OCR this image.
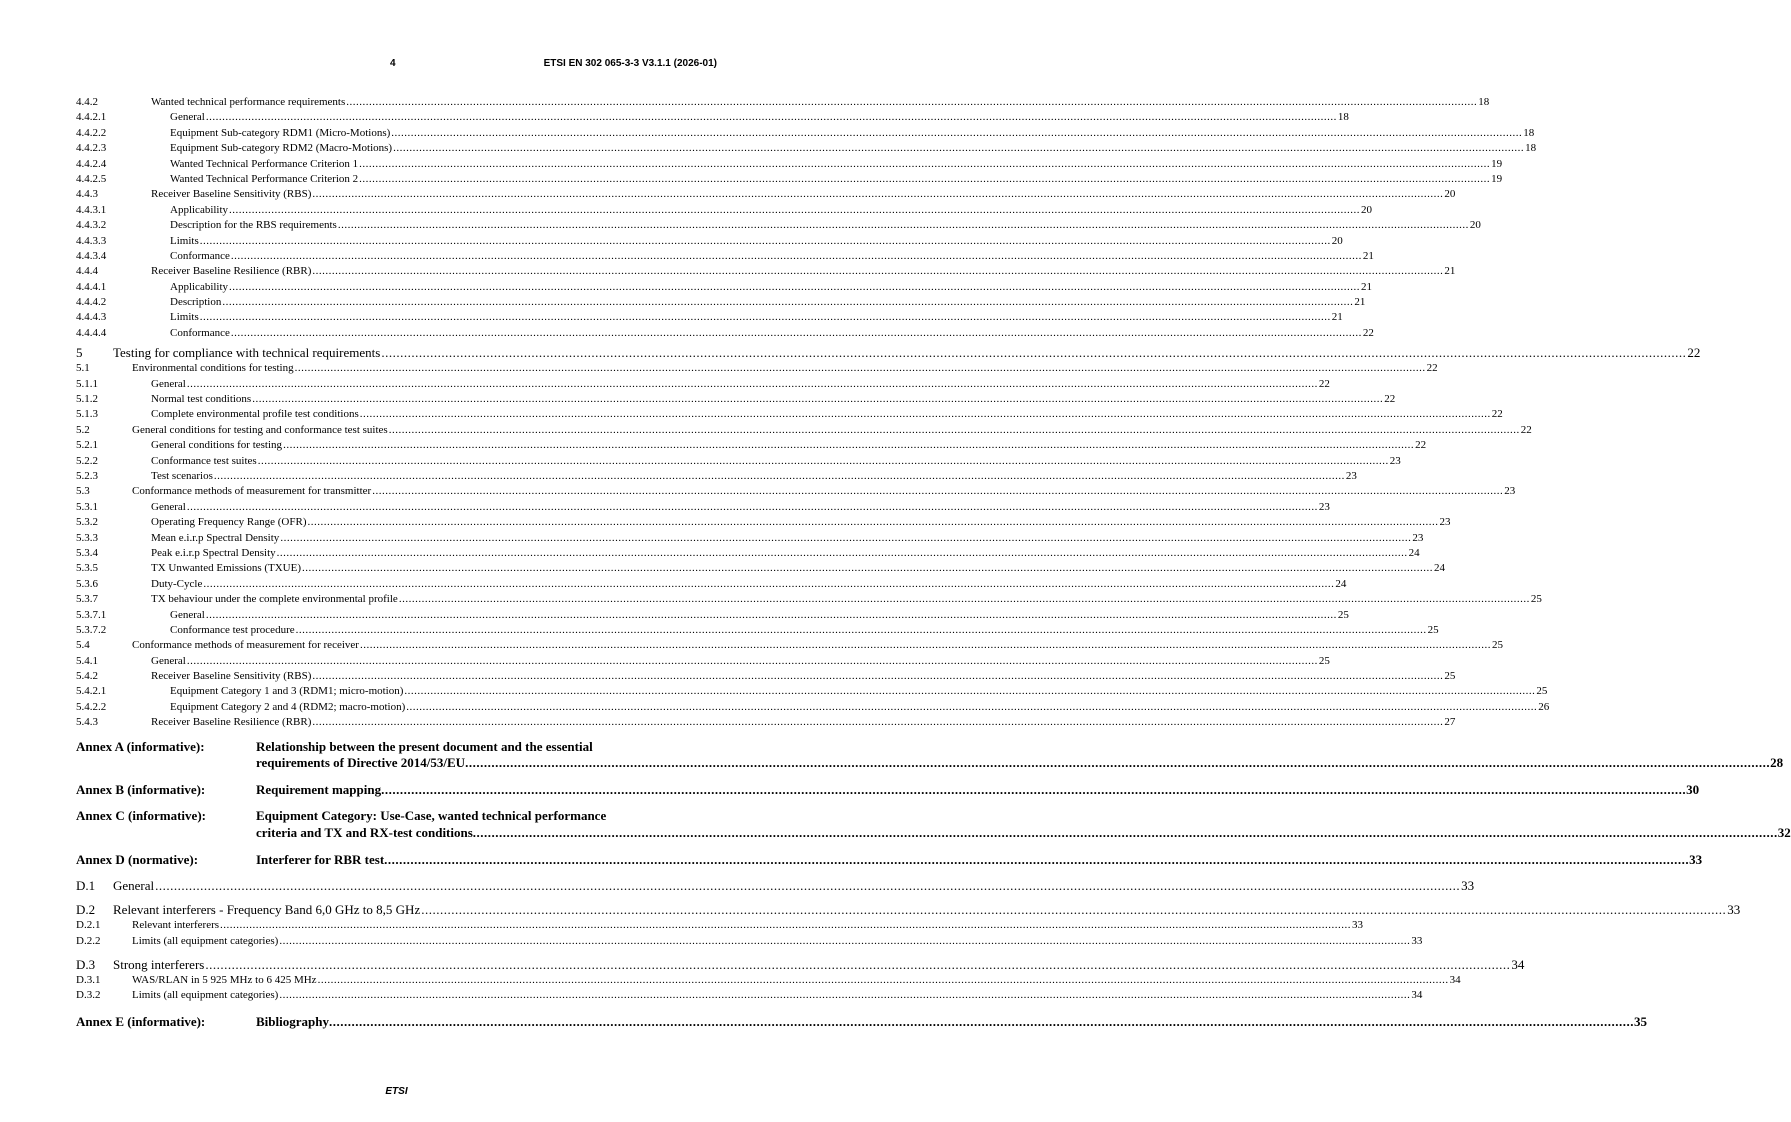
4	ETSI EN 302 065-3-3 V3.1.1 (2026-01)
4.4.2	Wanted technical performance requirements .....	18
4.4.2.1	General .....	18
4.4.2.2	Equipment Sub-category RDM1 (Micro-Motions) .....	18
4.4.2.3	Equipment Sub-category RDM2 (Macro-Motions) .....	18
4.4.2.4	Wanted Technical Performance Criterion 1 .....	19
4.4.2.5	Wanted Technical Performance Criterion 2 .....	19
4.4.3	Receiver Baseline Sensitivity (RBS) .....	20
4.4.3.1	Applicability .....	20
4.4.3.2	Description for the RBS requirements .....	20
4.4.3.3	Limits .....	20
4.4.3.4	Conformance .....	21
4.4.4	Receiver Baseline Resilience (RBR) .....	21
4.4.4.1	Applicability .....	21
4.4.4.2	Description .....	21
4.4.4.3	Limits .....	21
4.4.4.4	Conformance .....	22
5	Testing for compliance with technical requirements .....	22
5.1	Environmental conditions for testing .....	22
5.1.1	General .....	22
5.1.2	Normal test conditions .....	22
5.1.3	Complete environmental profile test conditions .....	22
5.2	General conditions for testing and conformance test suites .....	22
5.2.1	General conditions for testing .....	22
5.2.2	Conformance test suites .....	23
5.2.3	Test scenarios .....	23
5.3	Conformance methods of measurement for transmitter .....	23
5.3.1	General .....	23
5.3.2	Operating Frequency Range (OFR) .....	23
5.3.3	Mean e.i.r.p Spectral Density .....	23
5.3.4	Peak e.i.r.p Spectral Density .....	24
5.3.5	TX Unwanted Emissions (TXUE) .....	24
5.3.6	Duty-Cycle .....	24
5.3.7	TX behaviour under the complete environmental profile .....	25
5.3.7.1	General .....	25
5.3.7.2	Conformance test procedure .....	25
5.4	Conformance methods of measurement for receiver .....	25
5.4.1	General .....	25
5.4.2	Receiver Baseline Sensitivity (RBS) .....	25
5.4.2.1	Equipment Category 1 and 3 (RDM1; micro-motion) .....	25
5.4.2.2	Equipment Category 2 and 4 (RDM2; macro-motion) .....	26
5.4.3	Receiver Baseline Resilience (RBR) .....	27
Annex A (informative):	Relationship between the present document and the essential
requirements of Directive 2014/53/EU .....	28
Annex B (informative):	Requirement mapping .....	30
Annex C (informative):	Equipment Category: Use-Case, wanted technical performance
criteria and TX and RX-test conditions .....	32
Annex D (normative):	Interferer for RBR test .....	33
D.1	General .....	33
D.2	Relevant interferers - Frequency Band 6,0 GHz to 8,5 GHz .....	33
D.2.1	Relevant interferers .....	33
D.2.2	Limits (all equipment categories) .....	33
D.3	Strong interferers .....	34
D.3.1	WAS/RLAN in 5 925 MHz to 6 425 MHz .....	34
D.3.2	Limits (all equipment categories) .....	34
Annex E (informative):	Bibliography .....	35
ETSI
